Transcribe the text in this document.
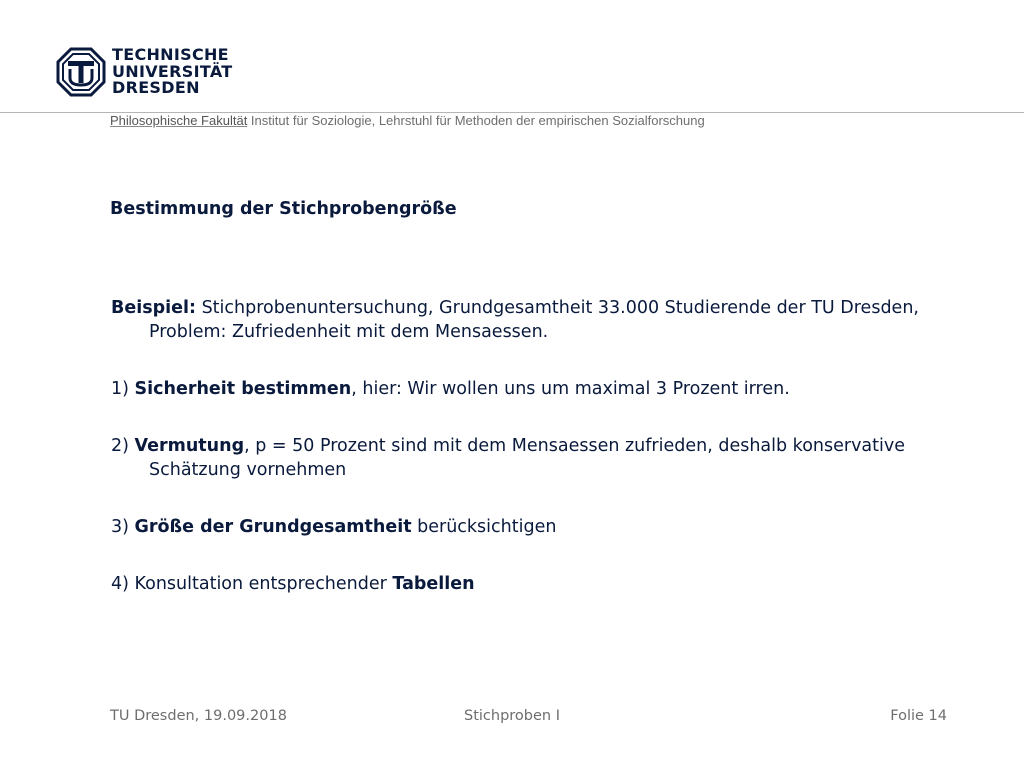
TECHNISCHE
UNIVERSITÄT
DRESDEN
Philosophische Fakultät Institut für Soziologie, Lehrstuhl für Methoden der empirischen Sozialforschung
Bestimmung der Stichprobengröße

Beispiel: Stichprobenuntersuchung, Grundgesamtheit 33.000 Studierende der TU Dresden, Problem: Zufriedenheit mit dem Mensaessen.

1) Sicherheit bestimmen, hier: Wir wollen uns um maximal 3 Prozent irren.

2) Vermutung, p = 50 Prozent sind mit dem Mensaessen zufrieden, deshalb konservative Schätzung vornehmen

3) Größe der Grundgesamtheit berücksichtigen

4) Konsultation entsprechender Tabellen

TU Dresden, 19.09.2018	Stichproben I	Folie 14
